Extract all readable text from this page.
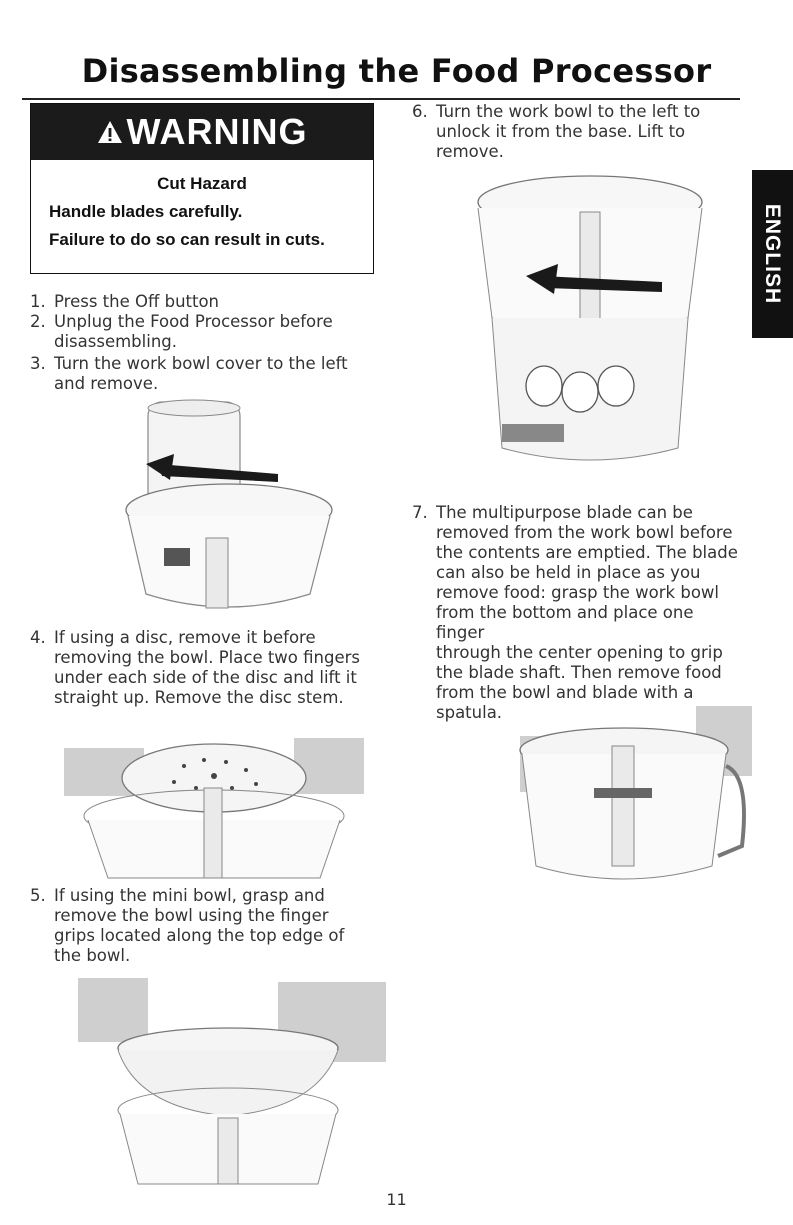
Disassembling the Food Processor
WARNING
Cut Hazard
Handle blades carefully.
Failure to do so can result in cuts.
1. Press the Off button
2. Unplug the Food Processor before
disassembling.
3. Turn the work bowl cover to the left
and remove.
4. If using a disc, remove it before
removing the bowl. Place two fingers
under each side of the disc and lift it
straight up. Remove the disc stem.
5. If using the mini bowl, grasp and
remove the bowl using the finger
grips located along the top edge of
the bowl.
6. Turn the work bowl to the left to
unlock it from the base. Lift to
remove.
7. The multipurpose blade can be
removed from the work bowl before
the contents are emptied. The blade
can also be held in place as you
remove food: grasp the work bowl
from the bottom and place one finger
through the center opening to grip
the blade shaft. Then remove food
from the bowl and blade with a
spatula.
ENGLISH
11
